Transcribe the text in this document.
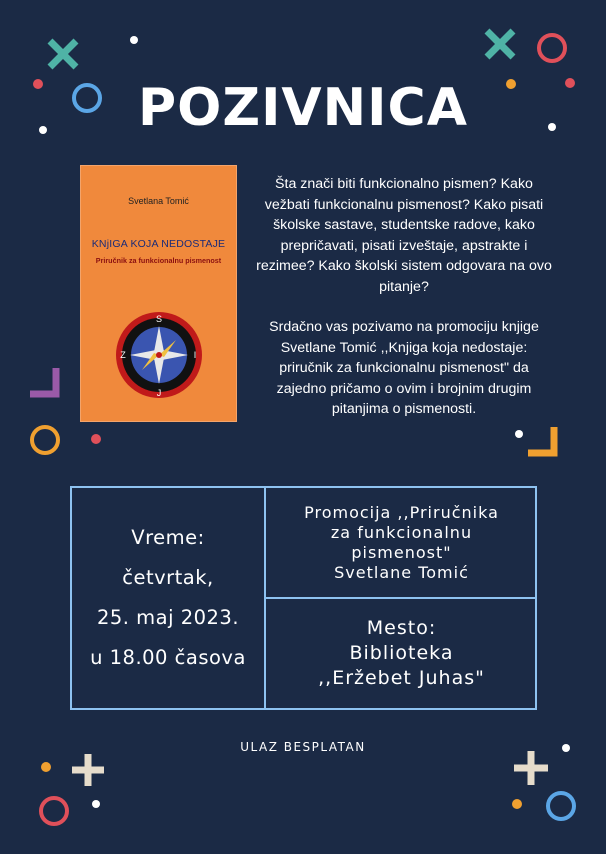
POZIVNICA
Svetlana Tomić
KNjIGA KOJA NEDOSTAJE
Priručnik za funkcionalnu pismenost
S
J
Z	I

Šta znači biti funkcionalno pismen? Kako vežbati funkcionalnu pismenost? Kako pisati školske sastave, studentske radove, kako prepričavati, pisati izveštaje, apstrakte i rezimee? Kako školski sistem odgovara na ovo pitanje?

Srdačno vas pozivamo na promociju knjige Svetlane Tomić ,,Knjiga koja nedostaje: priručnik za funkcionalnu pismenost" da zajedno pričamo o ovim i brojnim drugim pitanjima o pismenosti.

Vreme:
četvrtak,
25. maj 2023.
u 18.00 časova
Promocija ,,Priručnika
za funkcionalnu
pismenost"
Svetlane Tomić
Mesto:
Biblioteka
,,Eržebet Juhas"
ULAZ BESPLATAN
